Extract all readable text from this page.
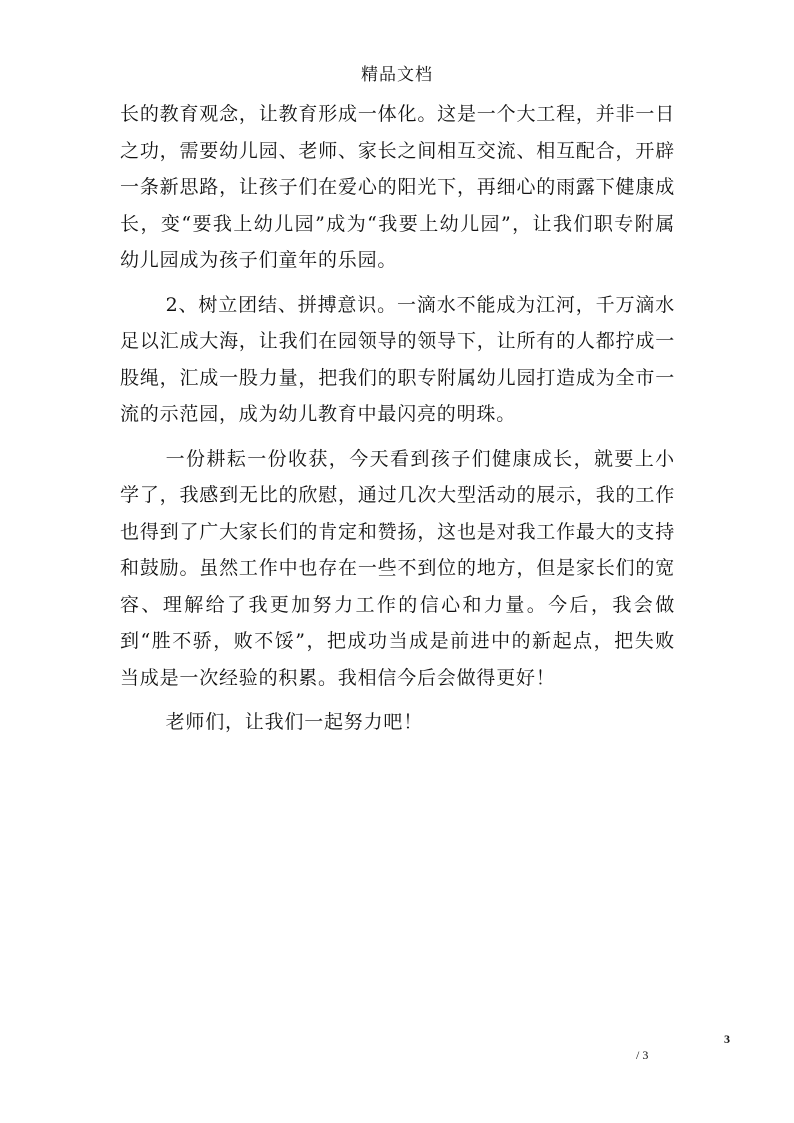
精品文档

长的教育观念，让教育形成一体化。这是一个大工程，并非一日之功，需要幼儿园、老师、家长之间相互交流、相互配合，开辟一条新思路，让孩子们在爱心的阳光下，再细心的雨露下健康成长，变“要我上幼儿园”成为“我要上幼儿园”，让我们职专附属幼儿园成为孩子们童年的乐园。

2、树立团结、拼搏意识。一滴水不能成为江河，千万滴水足以汇成大海，让我们在园领导的领导下，让所有的人都拧成一股绳，汇成一股力量，把我们的职专附属幼儿园打造成为全市一流的示范园，成为幼儿教育中最闪亮的明珠。

一份耕耘一份收获，今天看到孩子们健康成长，就要上小学了，我感到无比的欣慰，通过几次大型活动的展示，我的工作也得到了广大家长们的肯定和赞扬，这也是对我工作最大的支持和鼓励。虽然工作中也存在一些不到位的地方，但是家长们的宽容、理解给了我更加努力工作的信心和力量。今后，我会做到“胜不骄，败不馁”，把成功当成是前进中的新起点，把失败当成是一次经验的积累。我相信今后会做得更好！

老师们，让我们一起努力吧！

3
/ 3
